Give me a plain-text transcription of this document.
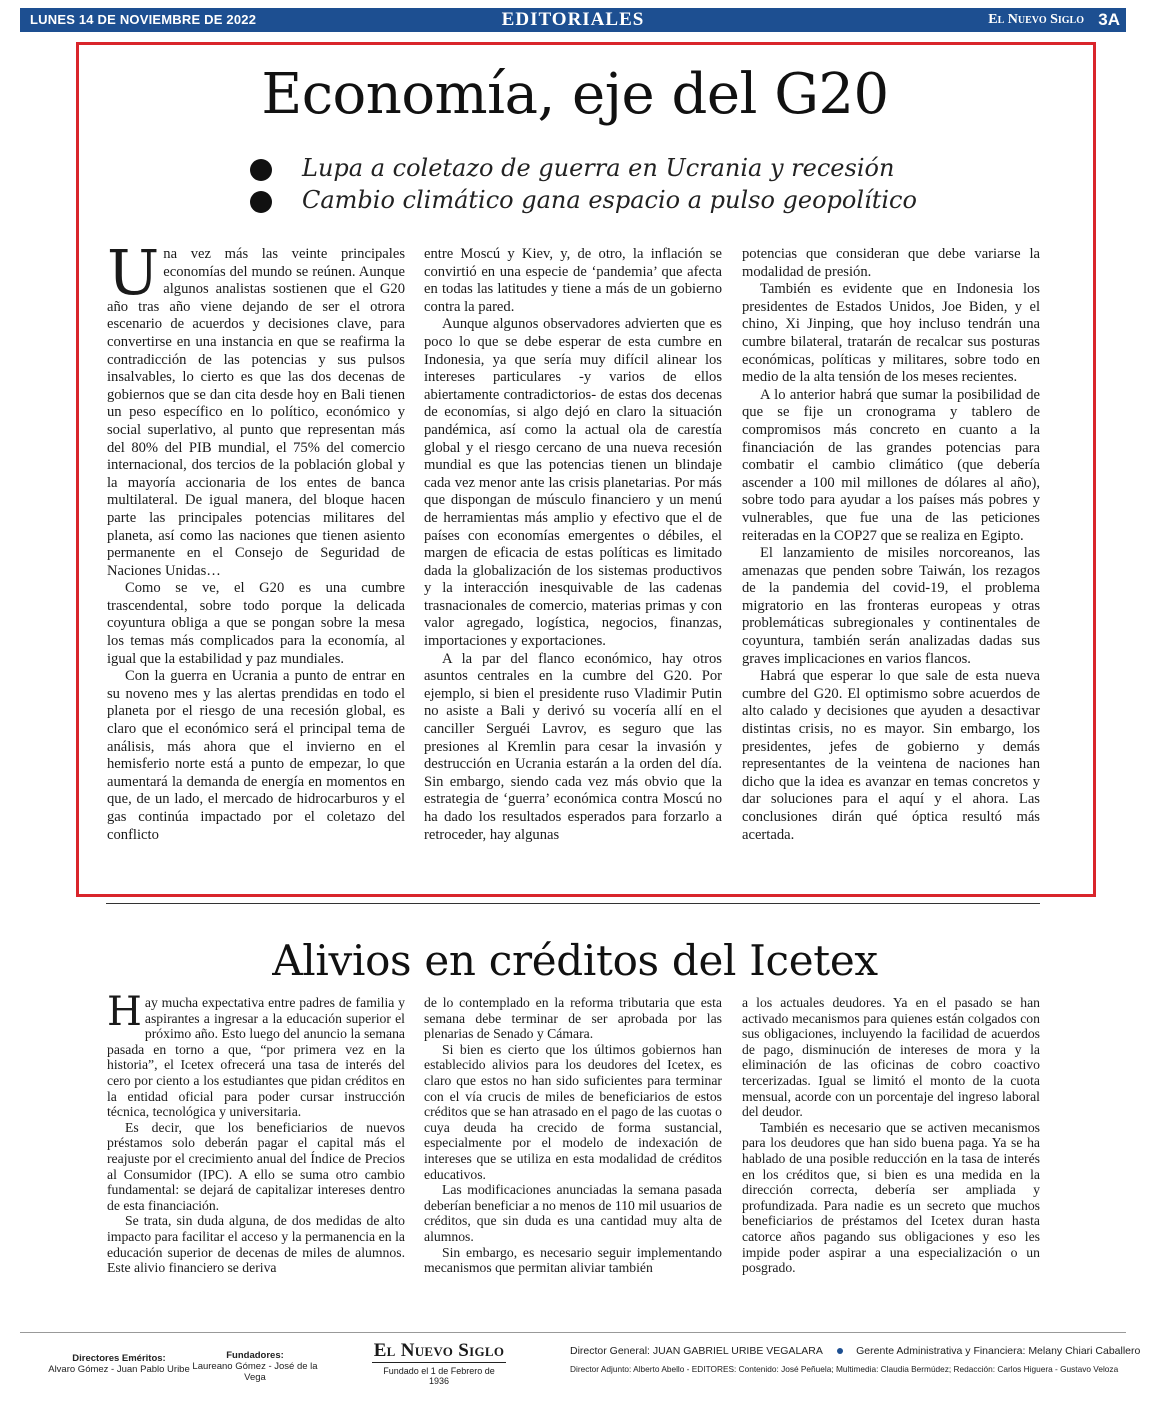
LUNES 14 DE NOVIEMBRE DE 2022	EDITORIALES	El Nuevo Siglo 3A
Economía, eje del G20
Lupa a coletazo de guerra en Ucrania y recesión
Cambio climático gana espacio a pulso geopolítico

Una vez más las veinte principales economías del mundo se reúnen. Aunque algunos analistas sostienen que el G20 año tras año viene dejando de ser el otrora escenario de acuerdos y decisiones clave, para convertirse en una instancia en que se reafirma la contradicción de las potencias y sus pulsos insalvables, lo cierto es que las dos decenas de gobiernos que se dan cita desde hoy en Bali tienen un peso específico en lo político, económico y social superlativo, al punto que representan más del 80% del PIB mundial, el 75% del comercio internacional, dos tercios de la población global y la mayoría accionaria de los entes de banca multilateral. De igual manera, del bloque hacen parte las principales potencias militares del planeta, así como las naciones que tienen asiento permanente en el Consejo de Seguridad de Naciones Unidas…

Como se ve, el G20 es una cumbre trascendental, sobre todo porque la delicada coyuntura obliga a que se pongan sobre la mesa los temas más complicados para la economía, al igual que la estabilidad y paz mundiales.

Con la guerra en Ucrania a punto de entrar en su noveno mes y las alertas prendidas en todo el planeta por el riesgo de una recesión global, es claro que el económico será el principal tema de análisis, más ahora que el invierno en el hemisferio norte está a punto de empezar, lo que aumentará la demanda de energía en momentos en que, de un lado, el mercado de hidrocarburos y el gas continúa impactado por el coletazo del conflicto

entre Moscú y Kiev, y, de otro, la inflación se convirtió en una especie de ‘pandemia’ que afecta en todas las latitudes y tiene a más de un gobierno contra la pared.

Aunque algunos observadores advierten que es poco lo que se debe esperar de esta cumbre en Indonesia, ya que sería muy difícil alinear los intereses particulares -y varios de ellos abiertamente contradictorios- de estas dos decenas de economías, si algo dejó en claro la situación pandémica, así como la actual ola de carestía global y el riesgo cercano de una nueva recesión mundial es que las potencias tienen un blindaje cada vez menor ante las crisis planetarias. Por más que dispongan de músculo financiero y un menú de herramientas más amplio y efectivo que el de países con economías emergentes o débiles, el margen de eficacia de estas políticas es limitado dada la globalización de los sistemas productivos y la interacción inesquivable de las cadenas trasnacionales de comercio, materias primas y con valor agregado, logística, negocios, finanzas, importaciones y exportaciones.

A la par del flanco económico, hay otros asuntos centrales en la cumbre del G20. Por ejemplo, si bien el presidente ruso Vladimir Putin no asiste a Bali y derivó su vocería allí en el canciller Serguéi Lavrov, es seguro que las presiones al Kremlin para cesar la invasión y destrucción en Ucrania estarán a la orden del día. Sin embargo, siendo cada vez más obvio que la estrategia de ‘guerra’ económica contra Moscú no ha dado los resultados esperados para forzarlo a retroceder, hay algunas

potencias que consideran que debe variarse la modalidad de presión.

También es evidente que en Indonesia los presidentes de Estados Unidos, Joe Biden, y el chino, Xi Jinping, que hoy incluso tendrán una cumbre bilateral, tratarán de recalcar sus posturas económicas, políticas y militares, sobre todo en medio de la alta tensión de los meses recientes.

A lo anterior habrá que sumar la posibilidad de que se fije un cronograma y tablero de compromisos más concreto en cuanto a la financiación de las grandes potencias para combatir el cambio climático (que debería ascender a 100 mil millones de dólares al año), sobre todo para ayudar a los países más pobres y vulnerables, que fue una de las peticiones reiteradas en la COP27 que se realiza en Egipto.

El lanzamiento de misiles norcoreanos, las amenazas que penden sobre Taiwán, los rezagos de la pandemia del covid-19, el problema migratorio en las fronteras europeas y otras problemáticas subregionales y continentales de coyuntura, también serán analizadas dadas sus graves implicaciones en varios flancos.

Habrá que esperar lo que sale de esta nueva cumbre del G20. El optimismo sobre acuerdos de alto calado y decisiones que ayuden a desactivar distintas crisis, no es mayor. Sin embargo, los presidentes, jefes de gobierno y demás representantes de la veintena de naciones han dicho que la idea es avanzar en temas concretos y dar soluciones para el aquí y el ahora. Las conclusiones dirán qué óptica resultó más acertada.

Alivios en créditos del Icetex

Hay mucha expectativa entre padres de familia y aspirantes a ingresar a la educación superior el próximo año. Esto luego del anuncio la semana pasada en torno a que, “por primera vez en la historia”, el Icetex ofrecerá una tasa de interés del cero por ciento a los estudiantes que pidan créditos en la entidad oficial para poder cursar instrucción técnica, tecnológica y universitaria.

Es decir, que los beneficiarios de nuevos préstamos solo deberán pagar el capital más el reajuste por el crecimiento anual del Índice de Precios al Consumidor (IPC). A ello se suma otro cambio fundamental: se dejará de capitalizar intereses dentro de esta financiación.

Se trata, sin duda alguna, de dos medidas de alto impacto para facilitar el acceso y la permanencia en la educación superior de decenas de miles de alumnos. Este alivio financiero se deriva

de lo contemplado en la reforma tributaria que esta semana debe terminar de ser aprobada por las plenarias de Senado y Cámara.

Si bien es cierto que los últimos gobiernos han establecido alivios para los deudores del Icetex, es claro que estos no han sido suficientes para terminar con el vía crucis de miles de beneficiarios de estos créditos que se han atrasado en el pago de las cuotas o cuya deuda ha crecido de forma sustancial, especialmente por el modelo de indexación de intereses que se utiliza en esta modalidad de créditos educativos.

Las modificaciones anunciadas la semana pasada deberían beneficiar a no menos de 110 mil usuarios de créditos, que sin duda es una cantidad muy alta de alumnos.

Sin embargo, es necesario seguir implementando mecanismos que permitan aliviar también

a los actuales deudores. Ya en el pasado se han activado mecanismos para quienes están colgados con sus obligaciones, incluyendo la facilidad de acuerdos de pago, disminución de intereses de mora y la eliminación de las oficinas de cobro coactivo tercerizadas. Igual se limitó el monto de la cuota mensual, acorde con un porcentaje del ingreso laboral del deudor.

También es necesario que se activen mecanismos para los deudores que han sido buena paga. Ya se ha hablado de una posible reducción en la tasa de interés en los créditos que, si bien es una medida en la dirección correcta, debería ser ampliada y profundizada. Para nadie es un secreto que muchos beneficiarios de préstamos del Icetex duran hasta catorce años pagando sus obligaciones y eso les impide poder aspirar a una especialización o un posgrado.

Directores Eméritos:
Alvaro Gómez - Juan Pablo Uribe
Fundadores:
Laureano Gómez - José de la Vega
El Nuevo Siglo
Fundado el 1 de Febrero de 1936
Director General: JUAN GABRIEL URIBE VEGALARA	Gerente Administrativa y Financiera: Melany Chiari Caballero
Director Adjunto: Alberto Abello - EDITORES: Contenido: José Peñuela; Multimedia: Claudia Bermúdez; Redacción: Carlos Higuera - Gustavo Veloza
